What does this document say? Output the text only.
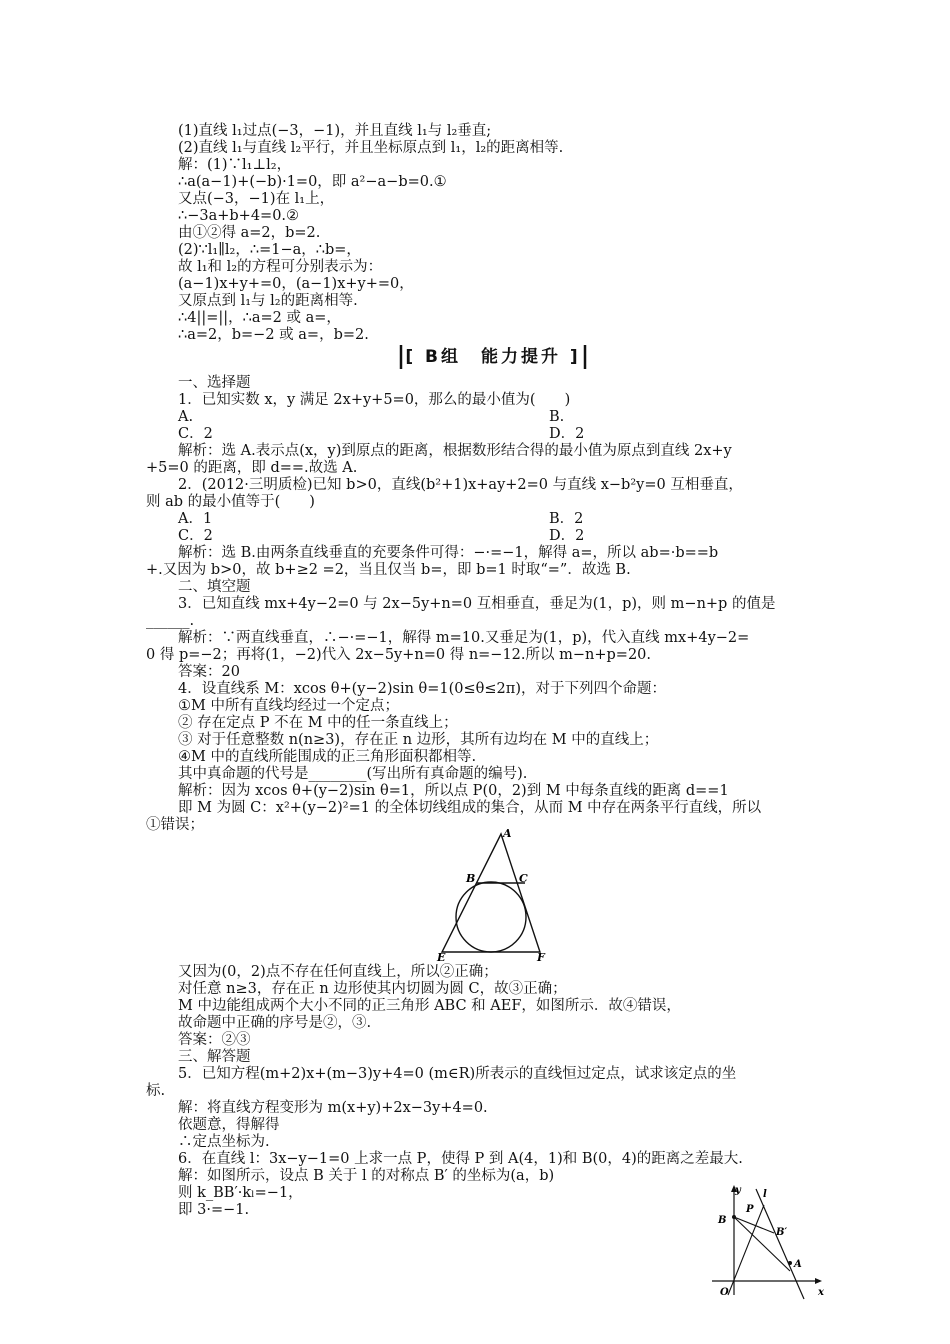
(1)直线 l₁过点(−3，−1)，并且直线 l₁与 l₂垂直;
(2)直线 l₁与直线 l₂平行，并且坐标原点到 l₁，l₂的距离相等.
解：(1)∵l₁⊥l₂，
∴a(a−1)+(−b)·1=0，即 a²−a−b=0.①
又点(−3，−1)在 l₁上，
∴−3a+b+4=0.②
由①②得 a=2，b=2.
(2)∵l₁∥l₂，∴=1−a，∴b=，
故 l₁和 l₂的方程可分别表示为：
(a−1)x+y+=0，(a−1)x+y+=0，
又原点到 l₁与 l₂的距离相等.
∴4||=||，∴a=2 或 a=，
∴a=2，b=−2 或 a=，b=2.
[ B组　能力提升 ]
一、选择题
1．已知实数 x，y 满足 2x+y+5=0，那么的最小值为(　　)
A.	B.
C．2	D．2
解析：选 A.表示点(x，y)到原点的距离，根据数形结合得的最小值为原点到直线 2x+y
+5=0 的距离，即 d==.故选 A.
2．(2012·三明质检)已知 b>0，直线(b²+1)x+ay+2=0 与直线 x−b²y=0 互相垂直，
则 ab 的最小值等于(　　)
A．1	B．2
C．2	D．2
解析：选 B.由两条直线垂直的充要条件可得：−·=−1，解得 a=，所以 ab=·b==b
+.又因为 b>0，故 b+≥2 =2，当且仅当 b=，即 b=1 时取“=”．故选 B.
二、填空题
3．已知直线 mx+4y−2=0 与 2x−5y+n=0 互相垂直，垂足为(1，p)，则 m−n+p 的值是
______.
解析：∵两直线垂直，∴−·=−1，解得 m=10.又垂足为(1，p)，代入直线 mx+4y−2=
0 得 p=−2；再将(1，−2)代入 2x−5y+n=0 得 n=−12.所以 m−n+p=20.
答案：20
4．设直线系 M：xcos θ+(y−2)sin θ=1(0≤θ≤2π)，对于下列四个命题：
①M 中所有直线均经过一个定点；
② 存在定点 P 不在 M 中的任一条直线上；
③ 对于任意整数 n(n≥3)，存在正 n 边形，其所有边均在 M 中的直线上；
④M 中的直线所能围成的正三角形面积都相等.
其中真命题的代号是________(写出所有真命题的编号).
解析：因为 xcos θ+(y−2)sin θ=1，所以点 P(0，2)到 M 中每条直线的距离 d==1
即 M 为圆 C：x²+(y−2)²=1 的全体切线组成的集合，从而 M 中存在两条平行直线，所以
①错误；
A
B	C
E	F
又因为(0，2)点不存在任何直线上，所以②正确；
对任意 n≥3，存在正 n 边形使其内切圆为圆 C，故③正确；
M 中边能组成两个大小不同的正三角形 ABC 和 AEF，如图所示．故④错误，
故命题中正确的序号是②，③.
答案：②③
三、解答题
5．已知方程(m+2)x+(m−3)y+4=0 (m∈R)所表示的直线恒过定点，试求该定点的坐
标.
解：将直线方程变形为 m(x+y)+2x−3y+4=0.
依题意，得解得
∴定点坐标为.
6．在直线 l：3x−y−1=0 上求一点 P，使得 P 到 A(4，1)和 B(0，4)的距离之差最大.
解：如图所示，设点 B 关于 l 的对称点 B′ 的坐标为(a，b)
则 k_BB′·kₗ=−1，
即 3·=−1.
y l
P
B
B′
A
O	x
